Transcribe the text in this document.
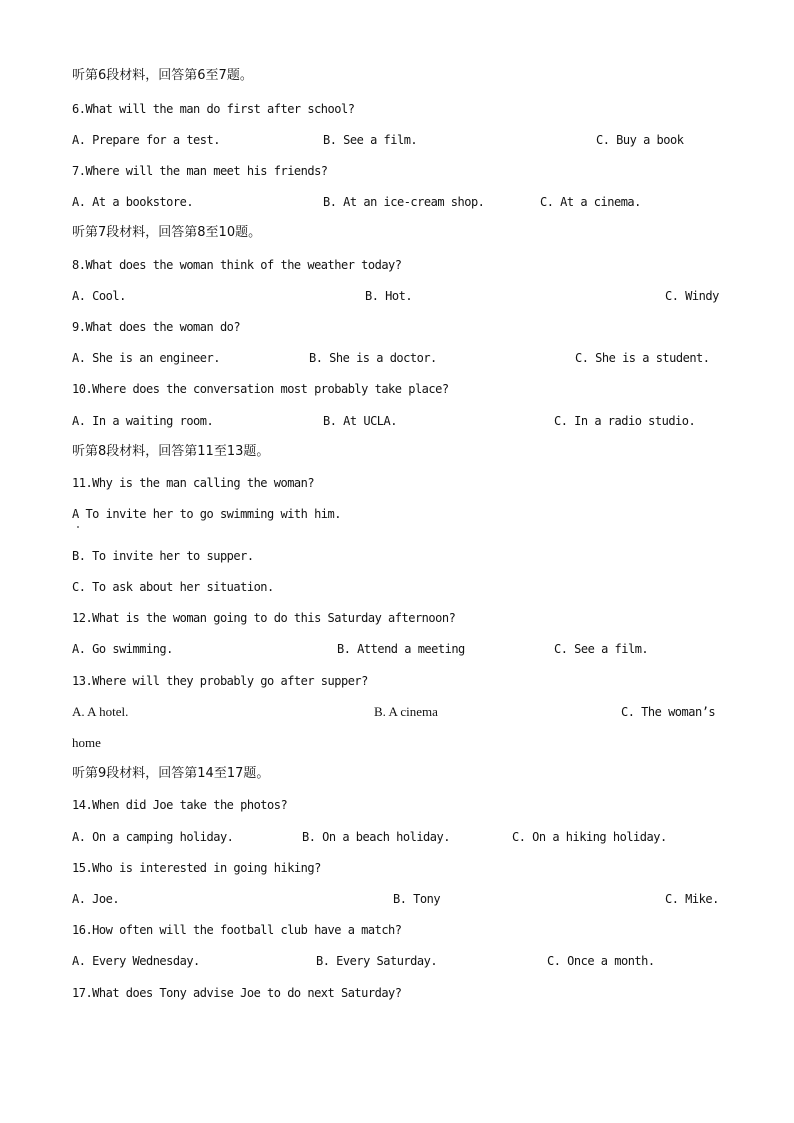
听第6段材料，回答第6至7题。
6.What will the man do first after school?
A. Prepare for a test.	B. See a film.	C. Buy a book
7.Where will the man meet his friends?
A. At a bookstore.	B. At an ice-cream shop.	C. At a cinema.
听第7段材料，回答第8至10题。
8.What does the woman think of the weather today?
A. Cool.	B. Hot.	C. Windy
9.What does the woman do?
A. She is an engineer.	B. She is a doctor.	C. She is a student.
10.Where does the conversation most probably take place?
A. In a waiting room.	B. At UCLA.	C. In a radio studio.
听第8段材料，回答第11至13题。
11.Why is the man calling the woman?
A To invite her to go swimming with him.
B. To invite her to supper.
C. To ask about her situation.
12.What is the woman going to do this Saturday afternoon?
A. Go swimming.	B. Attend a meeting	C. See a film.
13.Where will they probably go after supper?
A. A hotel.	B. A cinema	C. The woman’s
home
听第9段材料，回答第14至17题。
14.When did Joe take the photos?
A. On a camping holiday.	B. On a beach holiday.	C. On a hiking holiday.
15.Who is interested in going hiking?
A. Joe.	B. Tony	C. Mike.
16.How often will the football club have a match?
A. Every Wednesday.	B. Every Saturday.	C. Once a month.
17.What does Tony advise Joe to do next Saturday?
